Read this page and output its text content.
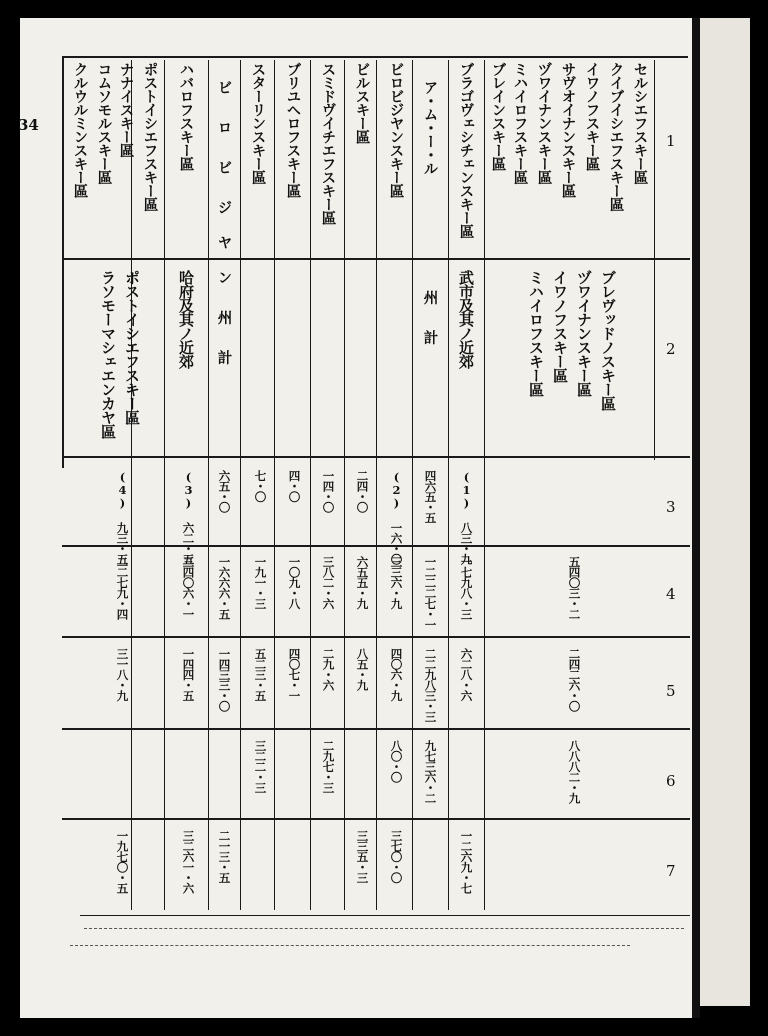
34
1
2
3
4
5
6
7
セルシエフスキー區
クイブイシエフスキー區
イワノフスキー區
サヴオイナンスキー區
ヅワイナンスキー區
ミハイロフスキー區
ブレインスキー區
ブレヴッドノスキー區
ヅワイナンスキー區
イワノフスキー區
ミハイロフスキー區
五四〇三・二
二四二六・〇
八八八二・九
ブラゴヴェシチェンスキー區
武市及其ノ近郊
(1) 八三・九
一七九八・三
六二八・六
一二六九・七
ア・ム・ー・ル
州
計
四六五・五
一二二二七・一
二二九八三・三
九七三六・二
ビロビジヤンスキー區
(2) 一六・〇
三三六・九
四〇六・九
八〇・〇
三七〇・〇
ビルスキー區
二四・〇
六五五・九
八五・九
三三五・三
スミドヴイチエフスキー區
一四・〇
三八二・六
二九・六
二九七・三
ブリユヘロフスキー區
四・〇
一〇九・八
四〇七・一
スターリンスキー區
七・〇
一九一・三
五二三・五
三二二・三
ビ
ロ
ビ
ジ
ヤ
ン
州
計
六五・〇
一六六六・五
一四三三・〇
二一三・五
ハバロフスキー區
哈府及其ノ近郊
(3) 六二・五
三四〇六・一
一四四・五
三二六一・六
ポストイシエフスキー區
ナナイスキー區
コムソモルスキー區
クルウルミンスキー區
ポストイシエフスキー區
ラソモーマシェエンカヤ區
(4) 九三・五
二二七九・四
三一八・九
一九七〇・五
